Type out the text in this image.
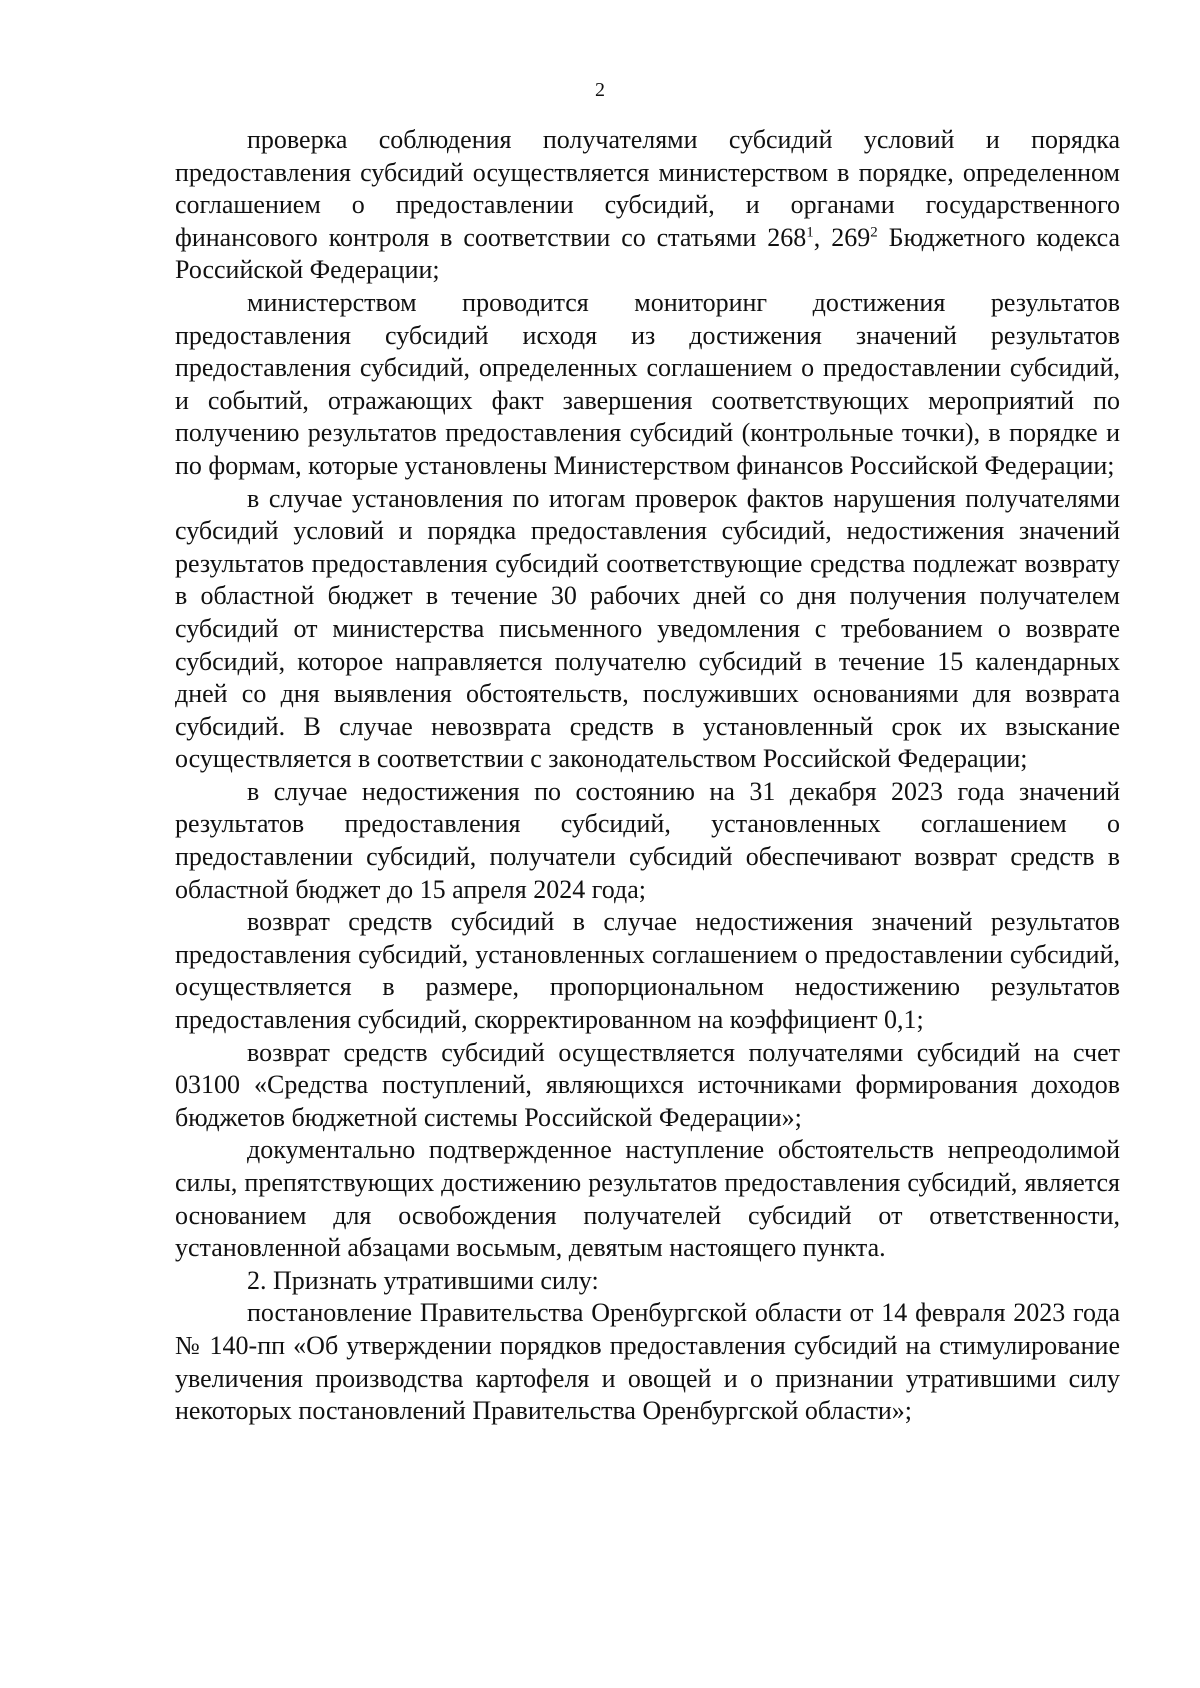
2

проверка соблюдения получателями субсидий условий и порядка предоставления субсидий осуществляется министерством в порядке, определенном соглашением о предоставлении субсидий, и органами государственного финансового контроля в соответствии со статьями $268^1$, $269^2$ Бюджетного кодекса Российской Федерации;

министерством проводится мониторинг достижения результатов предоставления субсидий исходя из достижения значений результатов предоставления субсидий, определенных соглашением о предоставлении субсидий, и событий, отражающих факт завершения соответствующих мероприятий по получению результатов предоставления субсидий (контрольные точки), в порядке и по формам, которые установлены Министерством финансов Российской Федерации;

в случае установления по итогам проверок фактов нарушения получателями субсидий условий и порядка предоставления субсидий, недостижения значений результатов предоставления субсидий соответствующие средства подлежат возврату в областной бюджет в течение 30 рабочих дней со дня получения получателем субсидий от министерства письменного уведомления с требованием о возврате субсидий, которое направляется получателю субсидий в течение 15 календарных дней со дня выявления обстоятельств, послуживших основаниями для возврата субсидий. В случае невозврата средств в установленный срок их взыскание осуществляется в соответствии с законодательством Российской Федерации;

в случае недостижения по состоянию на 31 декабря 2023 года значений результатов предоставления субсидий, установленных соглашением о предоставлении субсидий, получатели субсидий обеспечивают возврат средств в областной бюджет до 15 апреля 2024 года;

возврат средств субсидий в случае недостижения значений результатов предоставления субсидий, установленных соглашением о предоставлении субсидий, осуществляется в размере, пропорциональном недостижению результатов предоставления субсидий, скорректированном на коэффициент 0,1;

возврат средств субсидий осуществляется получателями субсидий на счет 03100 «Средства поступлений, являющихся источниками формирования доходов бюджетов бюджетной системы Российской Федерации»;

документально подтвержденное наступление обстоятельств непреодолимой силы, препятствующих достижению результатов предоставления субсидий, является основанием для освобождения получателей субсидий от ответственности, установленной абзацами восьмым, девятым настоящего пункта.

2. Признать утратившими силу:

постановление Правительства Оренбургской области от 14 февраля 2023 года № 140-пп «Об утверждении порядков предоставления субсидий на стимулирование увеличения производства картофеля и овощей и о признании утратившими силу некоторых постановлений Правительства Оренбургской области»;
